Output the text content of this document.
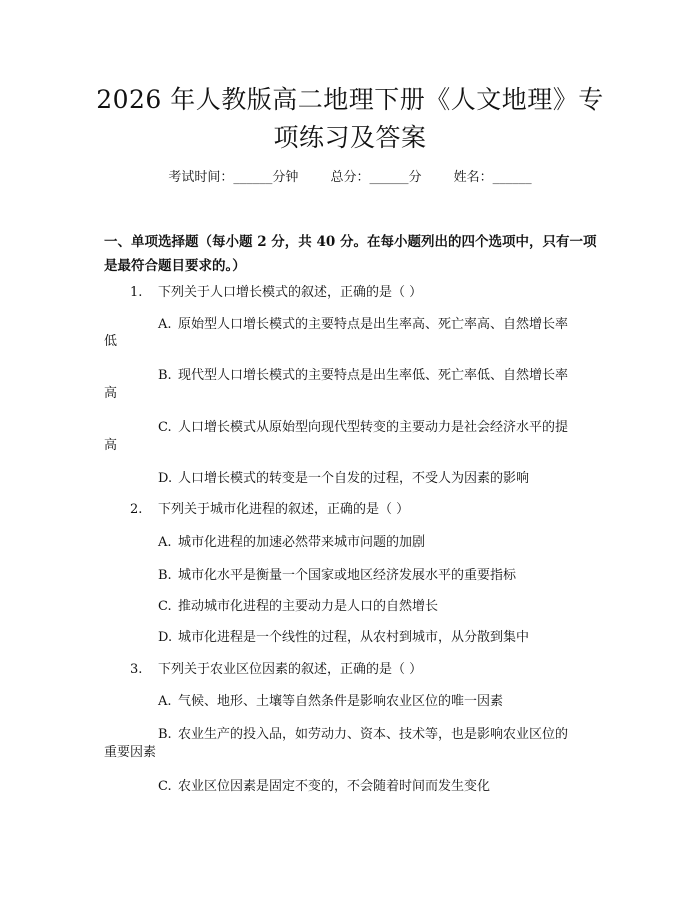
2026 年人教版高二地理下册《人文地理》专
项练习及答案
考试时间：______分钟 总分：______分 姓名：______
一、单项选择题（每小题 2 分，共 40 分。在每小题列出的四个选项中，只有一项
是最符合题目要求的。）
1. 下列关于人口增长模式的叙述，正确的是（ ）
A. 原始型人口增长模式的主要特点是出生率高、死亡率高、自然增长率
低
B. 现代型人口增长模式的主要特点是出生率低、死亡率低、自然增长率
高
C. 人口增长模式从原始型向现代型转变的主要动力是社会经济水平的提
高
D. 人口增长模式的转变是一个自发的过程，不受人为因素的影响
2. 下列关于城市化进程的叙述，正确的是（ ）
A. 城市化进程的加速必然带来城市问题的加剧
B. 城市化水平是衡量一个国家或地区经济发展水平的重要指标
C. 推动城市化进程的主要动力是人口的自然增长
D. 城市化进程是一个线性的过程，从农村到城市，从分散到集中
3. 下列关于农业区位因素的叙述，正确的是（ ）
A. 气候、地形、土壤等自然条件是影响农业区位的唯一因素
B. 农业生产的投入品，如劳动力、资本、技术等，也是影响农业区位的
重要因素
C. 农业区位因素是固定不变的，不会随着时间而发生变化
